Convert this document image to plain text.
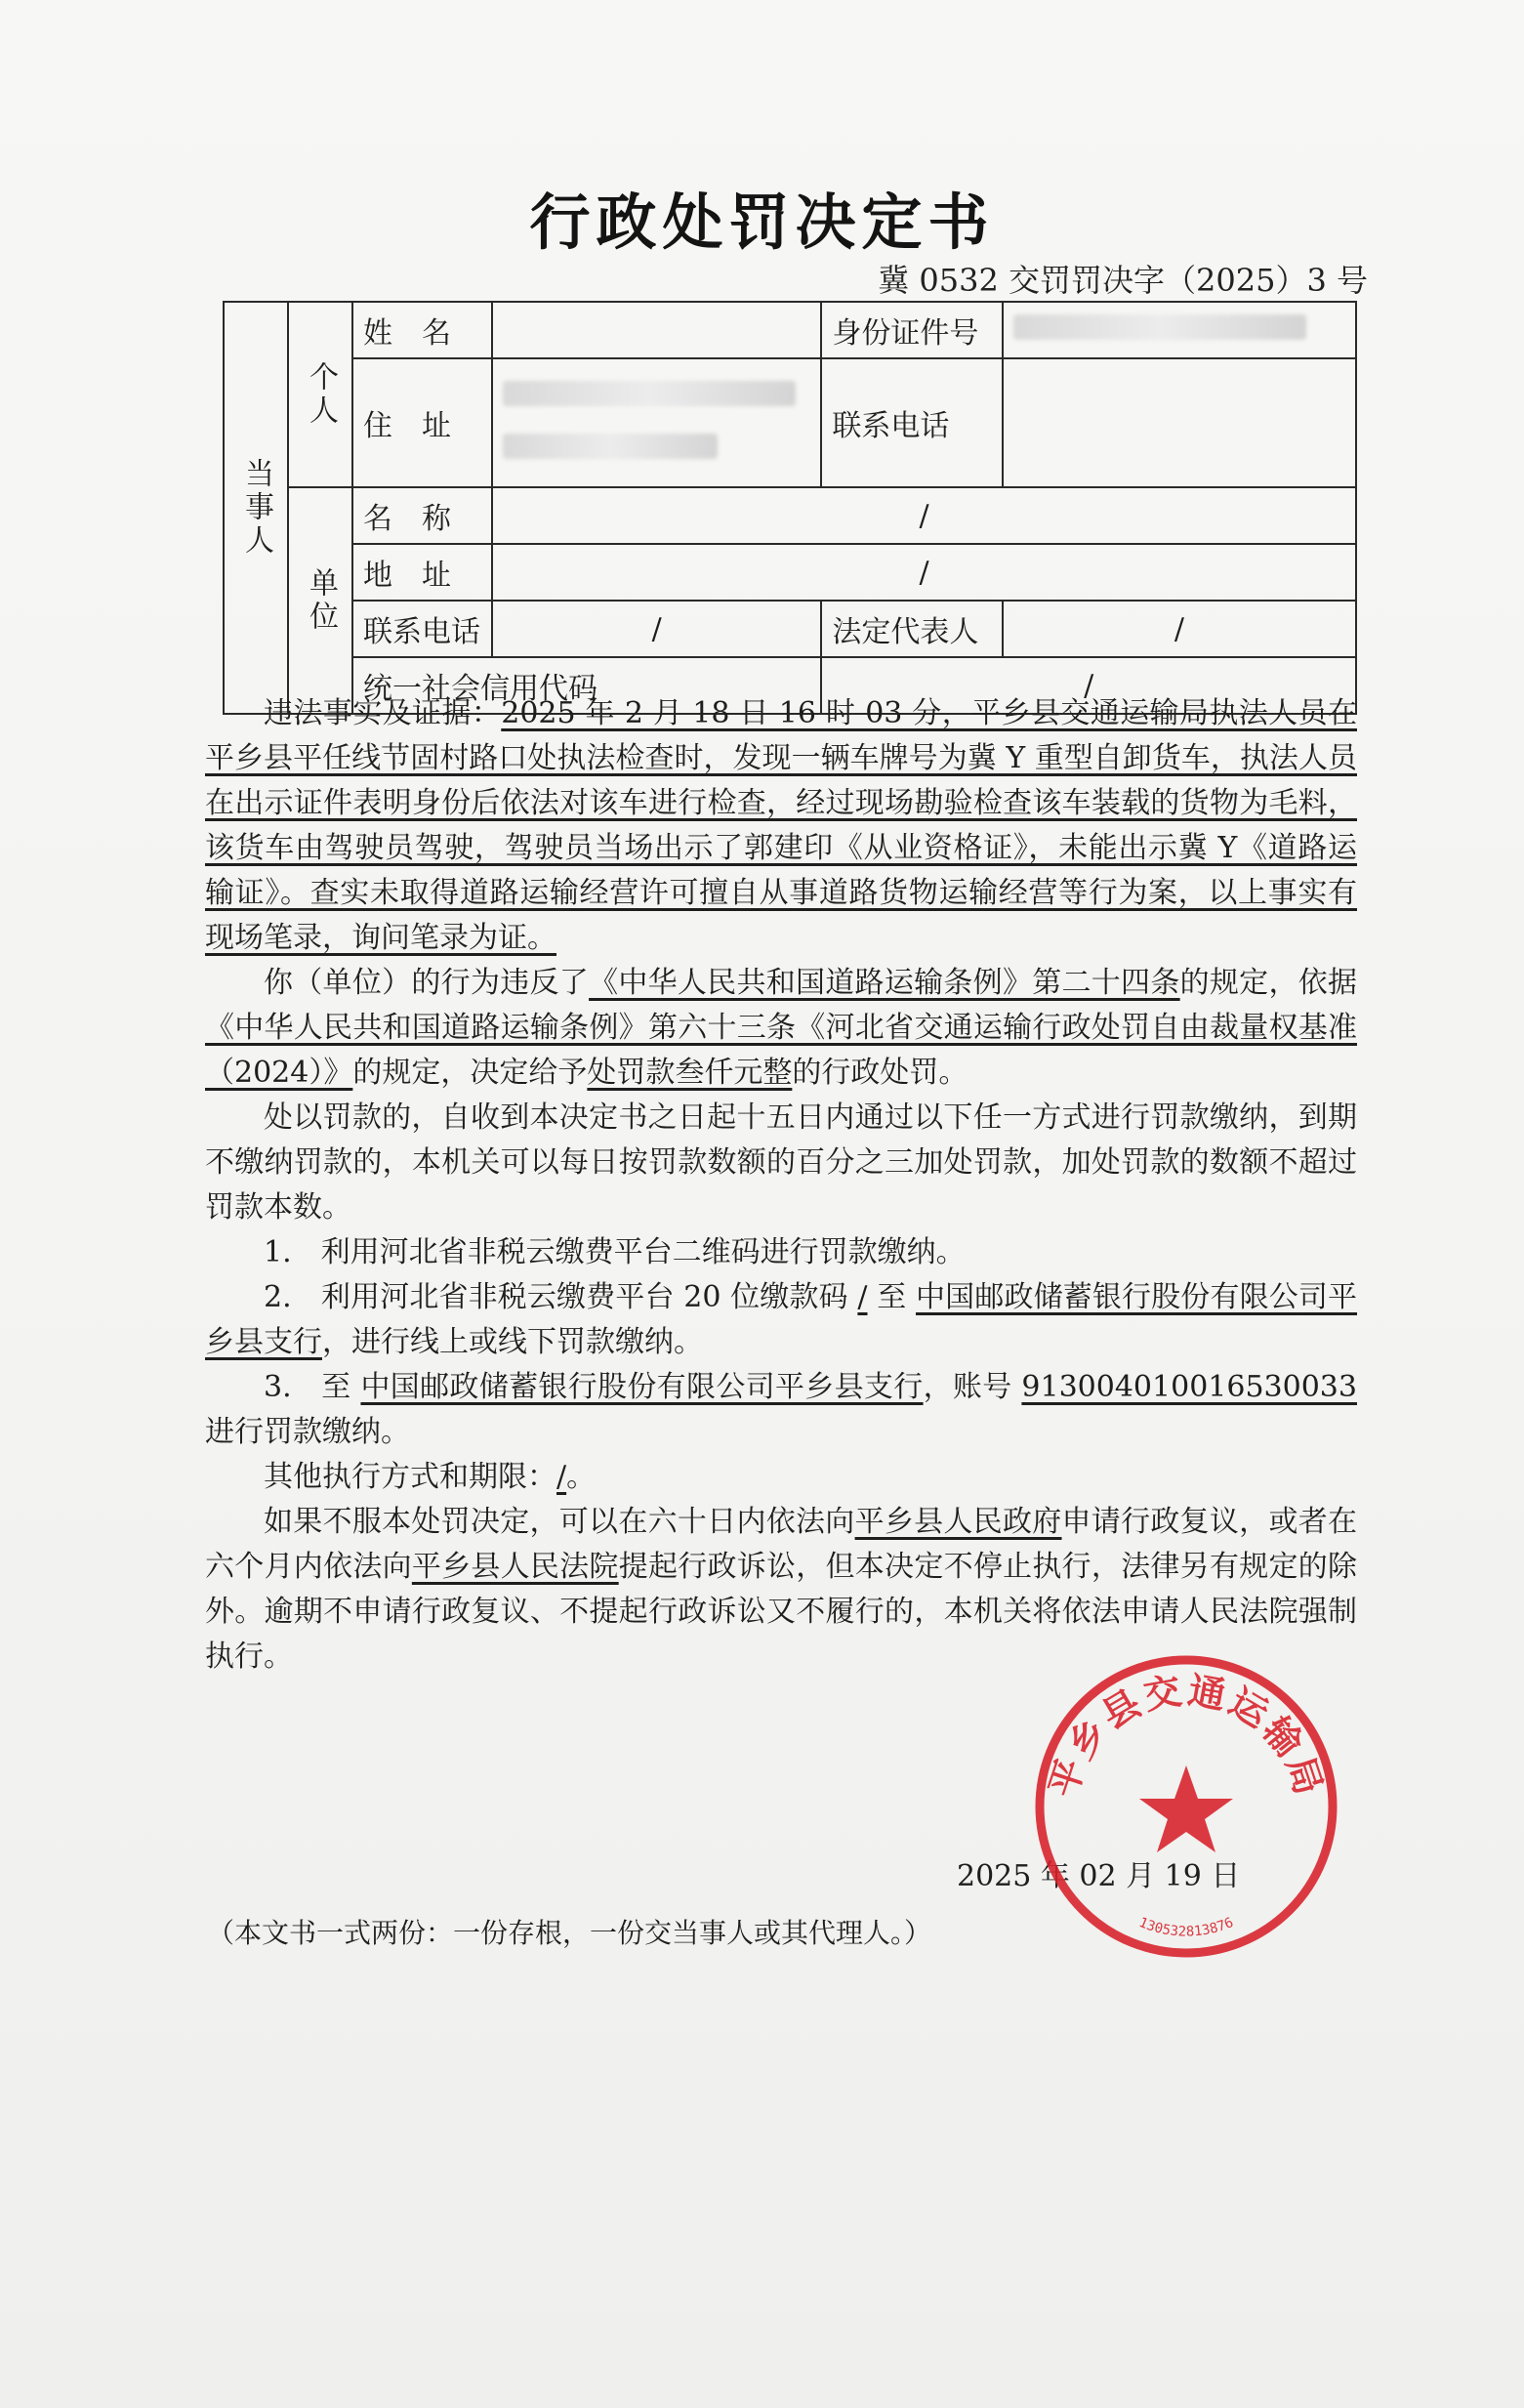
行政处罚决定书
冀 0532 交罚罚决字（2025）3 号
当事人	个人	姓名		身份证件号	
		住址		联系电话	

	单位	名称	/		
		地址	/		
		联系电话	/	法定代表人	/
		统一社会信用代码		/	

违法事实及证据：2025 年 2 月 18 日 16 时 03 分，平乡县交通运输局执法人员在平乡县平任线节固村路口处执法检查时，发现一辆车牌号为冀 Y 重型自卸货车，执法人员在出示证件表明身份后依法对该车进行检查，经过现场勘验检查该车装载的货物为毛料，该货车由驾驶员驾驶，驾驶员当场出示了郭建印《从业资格证》，未能出示冀 Y《道路运输证》。查实未取得道路运输经营许可擅自从事道路货物运输经营等行为案，以上事实有现场笔录，询问笔录为证。

你（单位）的行为违反了《中华人民共和国道路运输条例》第二十四条的规定，依据《中华人民共和国道路运输条例》第六十三条《河北省交通运输行政处罚自由裁量权基准（2024）》的规定，决定给予处罚款叁仟元整的行政处罚。

处以罚款的，自收到本决定书之日起十五日内通过以下任一方式进行罚款缴纳，到期不缴纳罚款的，本机关可以每日按罚款数额的百分之三加处罚款，加处罚款的数额不超过罚款本数。

1.　利用河北省非税云缴费平台二维码进行罚款缴纳。

2.　利用河北省非税云缴费平台 20 位缴款码 / 至 中国邮政储蓄银行股份有限公司平乡县支行，进行线上或线下罚款缴纳。

3.　至 中国邮政储蓄银行股份有限公司平乡县支行，账号 913004010016530033 进行罚款缴纳。

其他执行方式和期限：/。

如果不服本处罚决定，可以在六十日内依法向平乡县人民政府申请行政复议，或者在六个月内依法向平乡县人民法院提起行政诉讼，但本决定不停止执行，法律另有规定的除外。逾期不申请行政复议、不提起行政诉讼又不履行的，本机关将依法申请人民法院强制执行。

2025 年 02 月 19 日
（本文书一式两份：一份存根，一份交当事人或其代理人。）
平乡县交通运输局
130532813876
